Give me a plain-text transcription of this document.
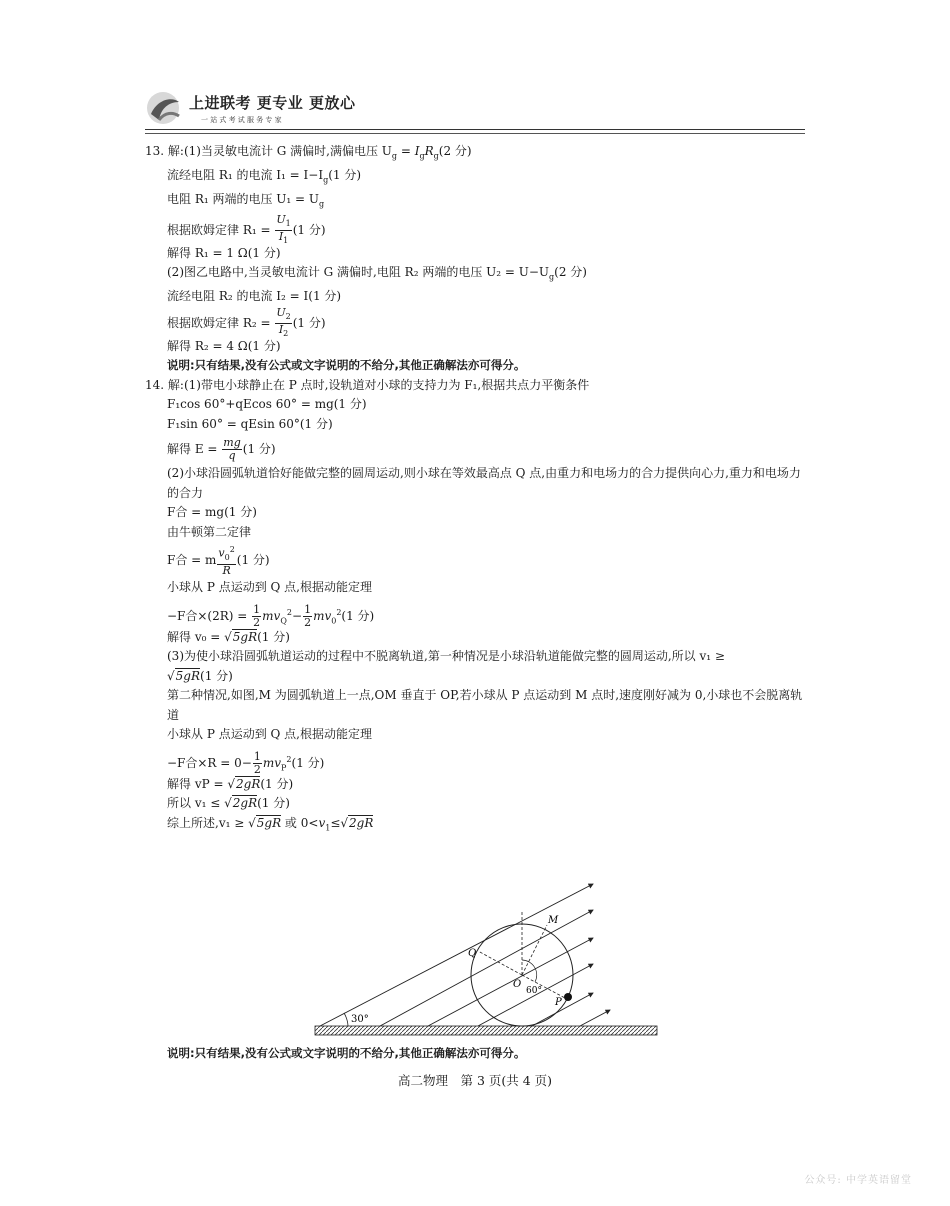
上进联考 更专业 更放心
一站式考试服务专家
13. 解:(1)当灵敏电流计 G 满偏时,满偏电压 $U_g = I_gR_g(2$ 分)
流经电阻 R₁ 的电流 $I_1 = I-I_g(1$ 分)
电阻 R₁ 两端的电压 $U_1 = U_g$
根据欧姆定律 $R_1 = \frac{U_1}{I_1} (1$ 分)
解得 R₁ = 1 Ω(1 分)
(2)图乙电路中,当灵敏电流计 G 满偏时,电阻 R₂ 两端的电压 $U_2 = U-U_g(2$ 分)
流经电阻 R₂ 的电流 I₂ = I(1 分)
根据欧姆定律 $R_2 = \frac{U_2}{I_2} (1$ 分)
解得 R₂ = 4 Ω(1 分)
说明:只有结果,没有公式或文字说明的不给分,其他正确解法亦可得分。
14. 解:(1)带电小球静止在 P 点时,设轨道对小球的支持力为 F₁,根据共点力平衡条件
F₁cos 60°+qEcos 60° = mg(1 分)
F₁sin 60° = qEsin 60°(1 分)
解得 $E = \frac{mg}{q} (1$ 分)
(2)小球沿圆弧轨道恰好能做完整的圆周运动,则小球在等效最高点 Q 点,由重力和电场力的合力提供向心力,重力和电场力的合力
F合 = mg(1 分)
由牛顿第二定律
F合 = m $\frac{v_0^2}{R} (1$ 分)
小球从 P 点运动到 Q 点,根据动能定理
−F合$\times(2R) = \frac{1}{2} mv_Q^2- \frac{1}{2} mv_0^2(1$ 分)
解得 v₀ = √5gR(1 分)
(3)为使小球沿圆弧轨道运动的过程中不脱离轨道,第一种情况是小球沿轨道能做完整的圆周运动,所以 v₁ ≥
√5gR(1 分)
第二种情况,如图,M 为圆弧轨道上一点,OM 垂直于 OP,若小球从 P 点运动到 M 点时,速度刚好减为 0,小球也不会脱离轨道
小球从 P 点运动到 Q 点,根据动能定理
−F合$\times R = 0- \frac{1}{2} mv_P^2(1$ 分)
解得 vP = √2gR(1 分)
所以 v₁ ≤ √2gR(1 分)
综上所述,v₁ ≥ √5gR 或 $0<v_1\le√2gR$
30°
60°
Q
M
O
P
说明:只有结果,没有公式或文字说明的不给分,其他正确解法亦可得分。
高二物理　第 3 页(共 4 页)
公众号: 中学英语留堂
